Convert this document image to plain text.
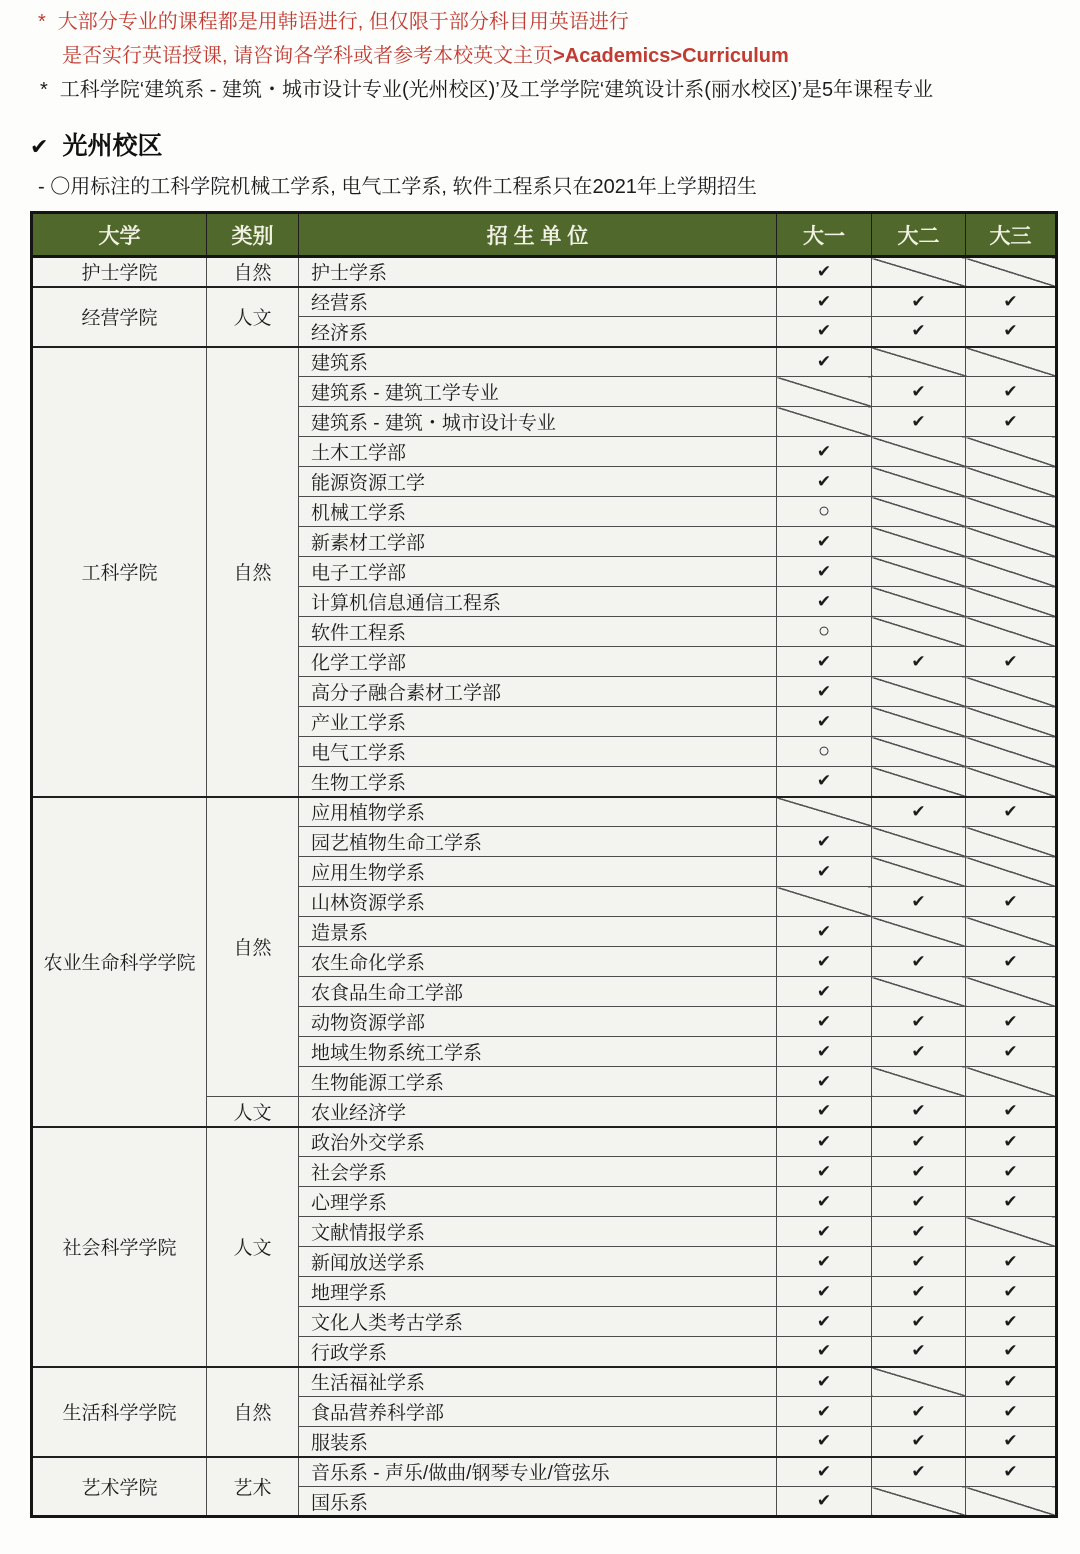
* 大部分专业的课程都是用韩语进行, 但仅限于部分科目用英语进行
是否实行英语授课, 请咨询各学科或者参考本校英文主页>Academics>Curriculum
* 工科学院‘建筑系 - 建筑・城市设计专业(光州校区)’及工学学院‘建筑设计系(丽水校区)’是5年课程专业
✔ 光州校区
- 〇用标注的工科学院机械工学系, 电气工学系, 软件工程系只在2021年上学期招生
大学	类别	招 生 单 位	大一	大二	大三
护士学院	自然	护士学系	✔		
经营学院	人文	经营系	✔	✔	✔
		经济系	✔	✔	✔
工科学院	自然	建筑系	✔		
		建筑系 - 建筑工学专业		✔	✔
		建筑系 - 建筑・城市设计专业		✔	✔
		土木工学部	✔		
		能源资源工学	✔		
		机械工学系	○		
		新素材工学部	✔		
		电子工学部	✔		
		计算机信息通信工程系	✔		
		软件工程系	○		
		化学工学部	✔	✔	✔
		高分子融合素材工学部	✔		
		产业工学系	✔		
		电气工学系	○		
		生物工学系	✔		
农业生命科学学院	自然	应用植物学系		✔	✔
		园艺植物生命工学系	✔		
		应用生物学系	✔		
		山林资源学系		✔	✔
		造景系	✔		
		农生命化学系	✔	✔	✔
		农食品生命工学部	✔		
		动物资源学部	✔	✔	✔
		地域生物系统工学系	✔	✔	✔
		生物能源工学系	✔		
	人文	农业经济学	✔	✔	✔
社会科学学院	人文	政治外交学系	✔	✔	✔
		社会学系	✔	✔	✔
		心理学系	✔	✔	✔
		文献情报学系	✔	✔	
		新闻放送学系	✔	✔	✔
		地理学系	✔	✔	✔
		文化人类考古学系	✔	✔	✔
		行政学系	✔	✔	✔
生活科学学院	自然	生活福祉学系	✔		✔
		食品营养科学部	✔	✔	✔
		服装系	✔	✔	✔
艺术学院	艺术	音乐系 - 声乐/做曲/钢琴专业/管弦乐	✔	✔	✔
		国乐系	✔		
